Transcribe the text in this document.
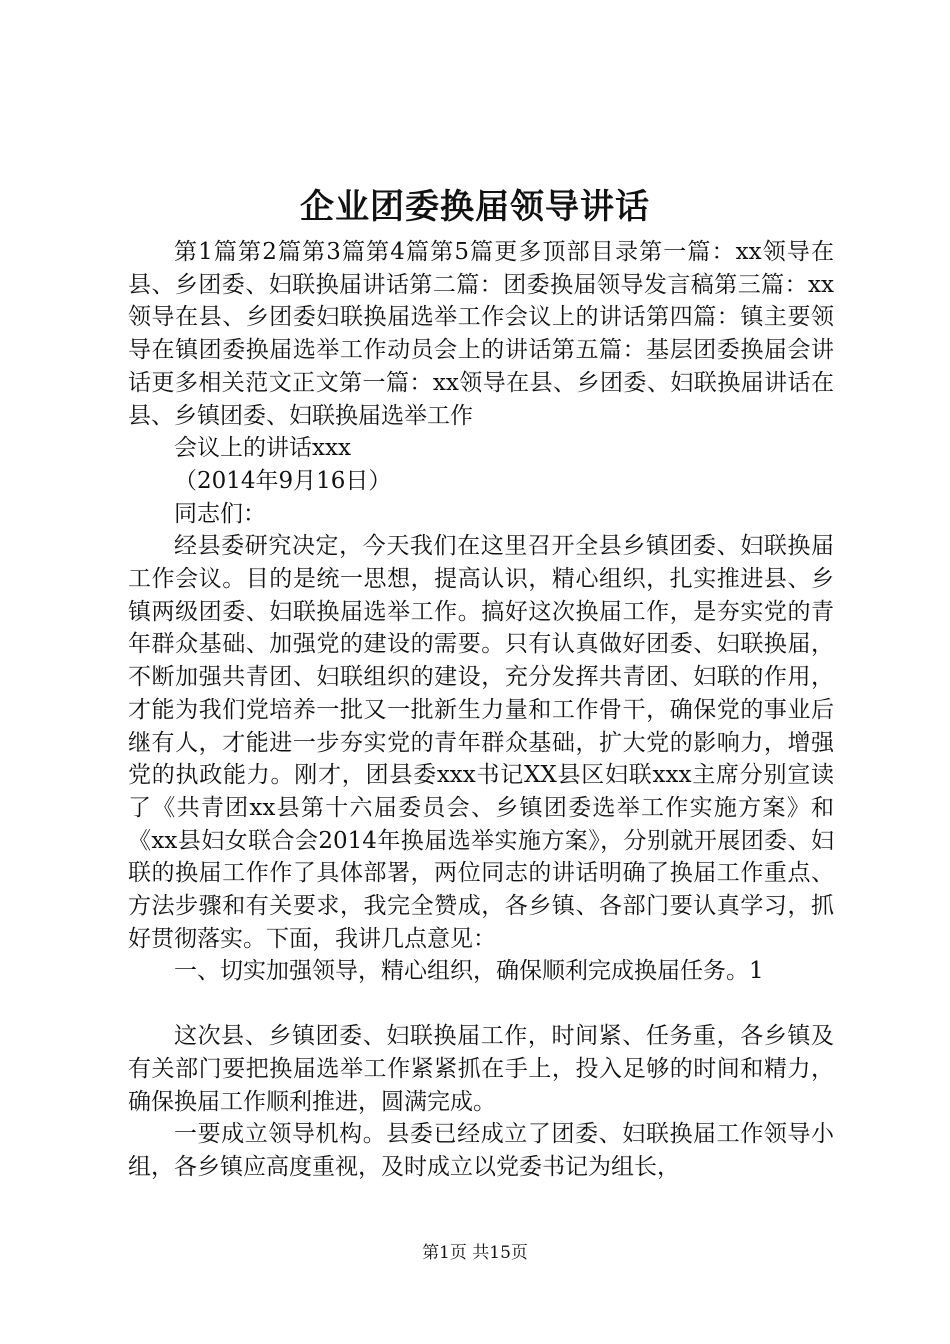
企业团委换届领导讲话

第1篇第2篇第3篇第4篇第5篇更多顶部目录第一篇：xx领导在县、乡团委、妇联换届讲话第二篇：团委换届领导发言稿第三篇：xx领导在县、乡团委妇联换届选举工作会议上的讲话第四篇：镇主要领导在镇团委换届选举工作动员会上的讲话第五篇：基层团委换届会讲话更多相关范文正文第一篇：xx领导在县、乡团委、妇联换届讲话在县、乡镇团委、妇联换届选举工作

会议上的讲话xxx

（2014年9月16日）

同志们：

经县委研究决定，今天我们在这里召开全县乡镇团委、妇联换届工作会议。目的是统一思想，提高认识，精心组织，扎实推进县、乡镇两级团委、妇联换届选举工作。搞好这次换届工作，是夯实党的青年群众基础、加强党的建设的需要。只有认真做好团委、妇联换届，不断加强共青团、妇联组织的建设，充分发挥共青团、妇联的作用，才能为我们党培养一批又一批新生力量和工作骨干，确保党的事业后继有人，才能进一步夯实党的青年群众基础，扩大党的影响力，增强党的执政能力。刚才，团县委xxx书记XX县区妇联xxx主席分别宣读了《共青团xx县第十六届委员会、乡镇团委选举工作实施方案》和《xx县妇女联合会2014年换届选举实施方案》，分别就开展团委、妇联的换届工作作了具体部署，两位同志的讲话明确了换届工作重点、方法步骤和有关要求，我完全赞成，各乡镇、各部门要认真学习，抓好贯彻落实。下面，我讲几点意见：

一、切实加强领导，精心组织，确保顺利完成换届任务。1

这次县、乡镇团委、妇联换届工作，时间紧、任务重，各乡镇及有关部门要把换届选举工作紧紧抓在手上，投入足够的时间和精力，确保换届工作顺利推进，圆满完成。

一要成立领导机构。县委已经成立了团委、妇联换届工作领导小组，各乡镇应高度重视，及时成立以党委书记为组长，

第1页 共15页
